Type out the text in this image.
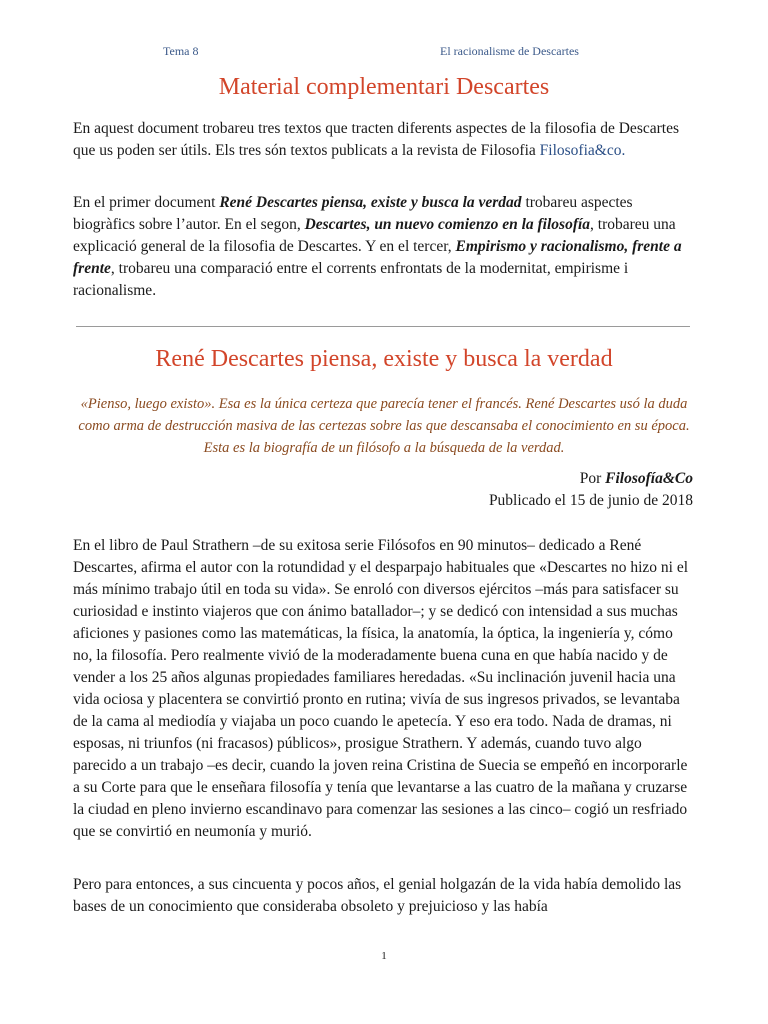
Tema 8	El racionalisme de Descartes
Material complementari Descartes

En aquest document trobareu tres textos que tracten diferents aspectes de la filosofia de Descartes que us poden ser útils. Els tres són textos publicats a la revista de Filosofia Filosofia&co.

En el primer document René Descartes piensa, existe y busca la verdad trobareu aspectes biogràfics sobre l’autor. En el segon, Descartes, un nuevo comienzo en la filosofía, trobareu una explicació general de la filosofia de Descartes. Y en el tercer, Empirismo y racionalismo, frente a frente, trobareu una comparació entre el corrents enfrontats de la modernitat, empirisme i racionalisme.

René Descartes piensa, existe y busca la verdad

«Pienso, luego existo». Esa es la única certeza que parecía tener el francés. René Descartes usó la duda como arma de destrucción masiva de las certezas sobre las que descansaba el conocimiento en su época. Esta es la biografía de un filósofo a la búsqueda de la verdad.

Por Filosofía&Co
Publicado el 15 de junio de 2018

En el libro de Paul Strathern –de su exitosa serie Filósofos en 90 minutos– dedicado a René Descartes, afirma el autor con la rotundidad y el desparpajo habituales que «Descartes no hizo ni el más mínimo trabajo útil en toda su vida». Se enroló con diversos ejércitos –más para satisfacer su curiosidad e instinto viajeros que con ánimo batallador–; y se dedicó con intensidad a sus muchas aficiones y pasiones como las matemáticas, la física, la anatomía, la óptica, la ingeniería y, cómo no, la filosofía. Pero realmente vivió de la moderadamente buena cuna en que había nacido y de vender a los 25 años algunas propiedades familiares heredadas. «Su inclinación juvenil hacia una vida ociosa y placentera se convirtió pronto en rutina; vivía de sus ingresos privados, se levantaba de la cama al mediodía y viajaba un poco cuando le apetecía. Y eso era todo. Nada de dramas, ni esposas, ni triunfos (ni fracasos) públicos», prosigue Strathern. Y además, cuando tuvo algo parecido a un trabajo –es decir, cuando la joven reina Cristina de Suecia se empeñó en incorporarle a su Corte para que le enseñara filosofía y tenía que levantarse a las cuatro de la mañana y cruzarse la ciudad en pleno invierno escandinavo para comenzar las sesiones a las cinco– cogió un resfriado que se convirtió en neumonía y murió.

Pero para entonces, a sus cincuenta y pocos años, el genial holgazán de la vida había demolido las bases de un conocimiento que consideraba obsoleto y prejuicioso y las había

1
